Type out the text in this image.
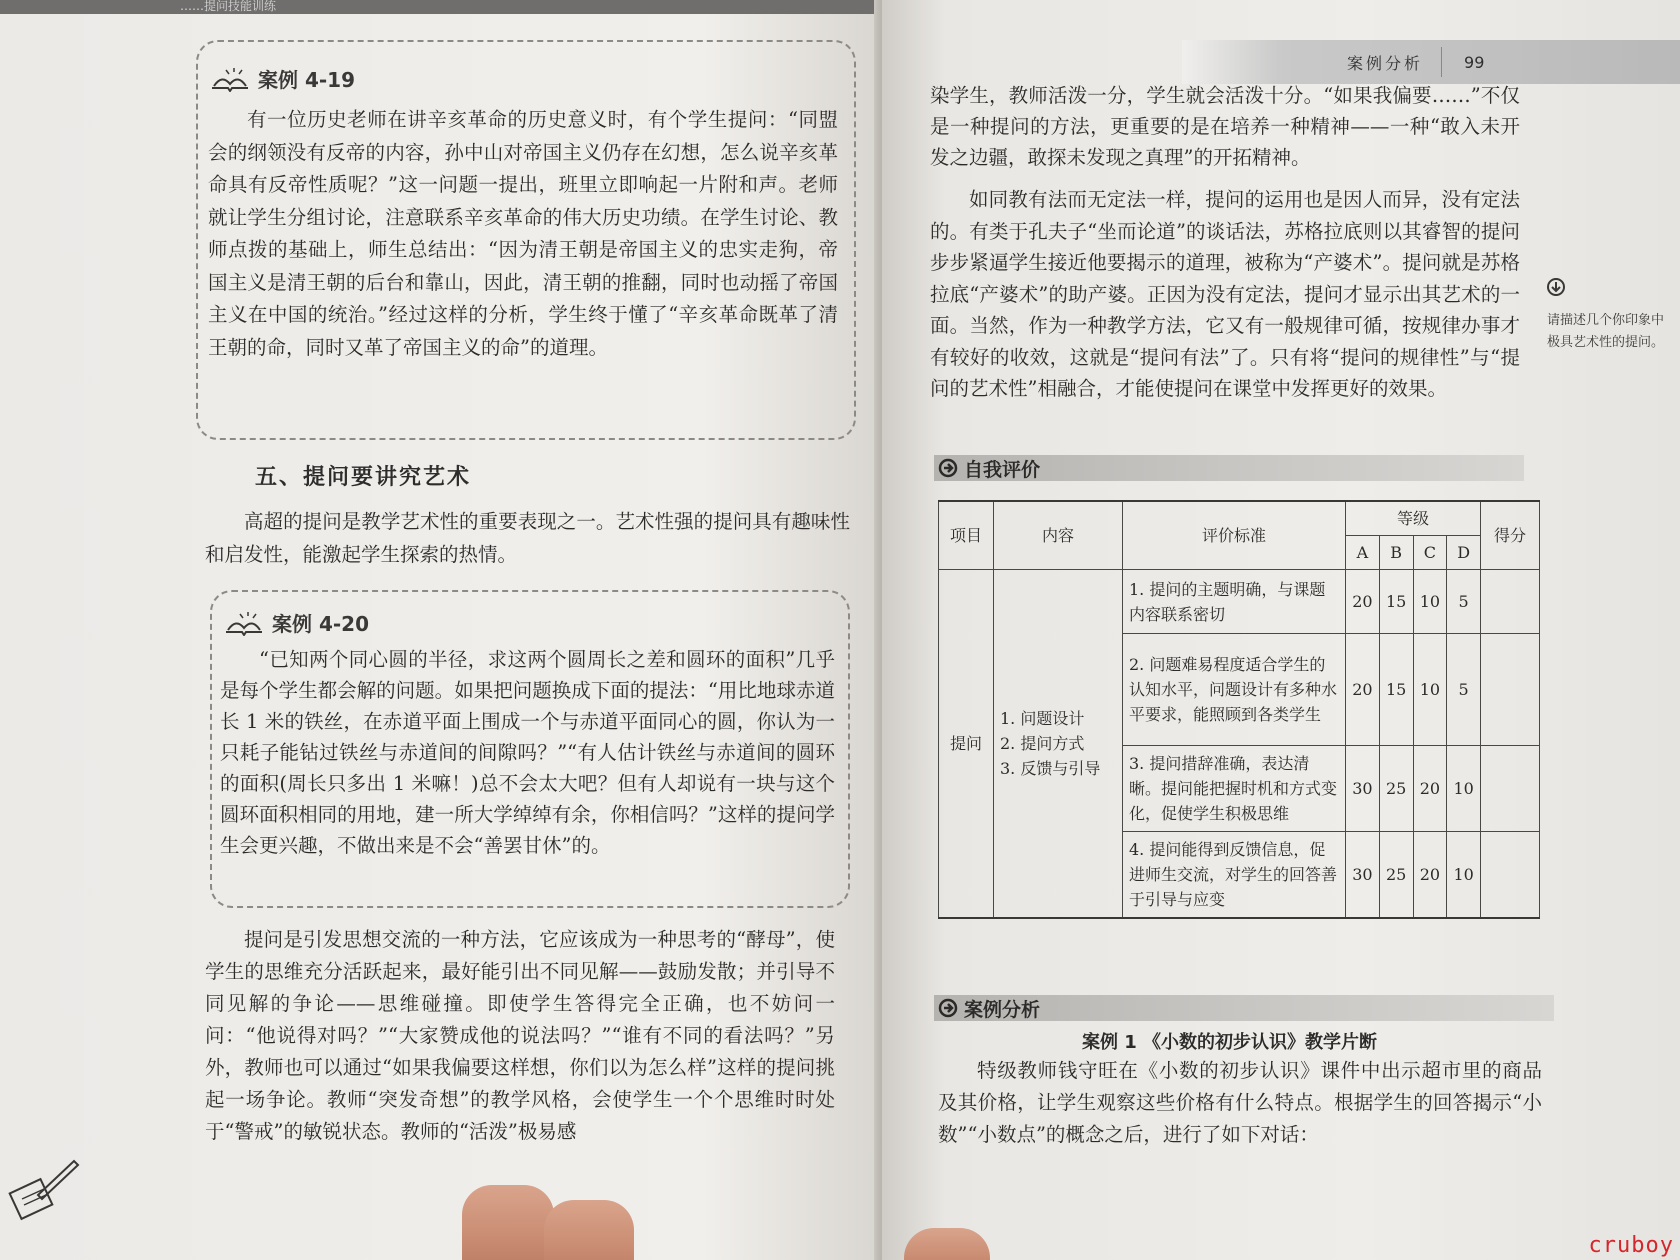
……提问技能训练
案例 4-19

有一位历史老师在讲辛亥革命的历史意义时，有个学生提问：“同盟会的纲领没有反帝的内容，孙中山对帝国主义仍存在幻想，怎么说辛亥革命具有反帝性质呢？”这一问题一提出，班里立即响起一片附和声。老师就让学生分组讨论，注意联系辛亥革命的伟大历史功绩。在学生讨论、教师点拨的基础上，师生总结出：“因为清王朝是帝国主义的忠实走狗，帝国主义是清王朝的后台和靠山，因此，清王朝的推翻，同时也动摇了帝国主义在中国的统治。”经过这样的分析，学生终于懂了“辛亥革命既革了清王朝的命，同时又革了帝国主义的命”的道理。

五、提问要讲究艺术

高超的提问是教学艺术性的重要表现之一。艺术性强的提问具有趣味性和启发性，能激起学生探索的热情。

案例 4-20

“已知两个同心圆的半径，求这两个圆周长之差和圆环的面积”几乎是每个学生都会解的问题。如果把问题换成下面的提法：“用比地球赤道长 1 米的铁丝，在赤道平面上围成一个与赤道平面同心的圆，你认为一只耗子能钻过铁丝与赤道间的间隙吗？”“有人估计铁丝与赤道间的圆环的面积(周长只多出 1 米嘛！)总不会太大吧？但有人却说有一块与这个圆环面积相同的用地，建一所大学绰绰有余，你相信吗？”这样的提问学生会更兴趣，不做出来是不会“善罢甘休”的。

提问是引发思想交流的一种方法，它应该成为一种思考的“酵母”，使学生的思维充分活跃起来，最好能引出不同见解——鼓励发散；并引导不同见解的争论——思维碰撞。即使学生答得完全正确，也不妨问一问：“他说得对吗？”“大家赞成他的说法吗？”“谁有不同的看法吗？”另外，教师也可以通过“如果我偏要这样想，你们以为怎么样”这样的提问挑起一场争论。教师“突发奇想”的教学风格，会使学生一个个思维时时处于“警戒”的敏锐状态。教师的“活泼”极易感

案例分析	99

染学生，教师活泼一分，学生就会活泼十分。“如果我偏要……”不仅是一种提问的方法，更重要的是在培养一种精神——一种“敢入未开发之边疆，敢探未发现之真理”的开拓精神。

如同教有法而无定法一样，提问的运用也是因人而异，没有定法的。有类于孔夫子“坐而论道”的谈话法，苏格拉底则以其睿智的提问步步紧逼学生接近他要揭示的道理，被称为“产婆术”。提问就是苏格拉底“产婆术”的助产婆。正因为没有定法，提问才显示出其艺术的一面。当然，作为一种教学方法，它又有一般规律可循，按规律办事才有较好的收效，这就是“提问有法”了。只有将“提问的规律性”与“提问的艺术性”相融合，才能使提问在课堂中发挥更好的效果。

请描述几个你印象中极具艺术性的提问。
自我评价
项目	内容	评价标准	等级				得分
			A	B	C	D	
提问	1. 问题设计
2. 提问方式
3. 反馈与引导	1. 提问的主题明确，与课题内容联系密切	20	15	10	5	
		2. 问题难易程度适合学生的认知水平，问题设计有多种水平要求，能照顾到各类学生	20	15	10	5	
		3. 提问措辞准确，表达清晰。提问能把握时机和方式变化，促使学生积极思维	30	25	20	10	
		4. 提问能得到反馈信息，促进师生交流，对学生的回答善于引导与应变	30	25	20	10	
案例分析
案例 1 《小数的初步认识》教学片断

特级教师钱守旺在《小数的初步认识》课件中出示超市里的商品及其价格，让学生观察这些价格有什么特点。根据学生的回答揭示“小数”“小数点”的概念之后，进行了如下对话：

cruboy
